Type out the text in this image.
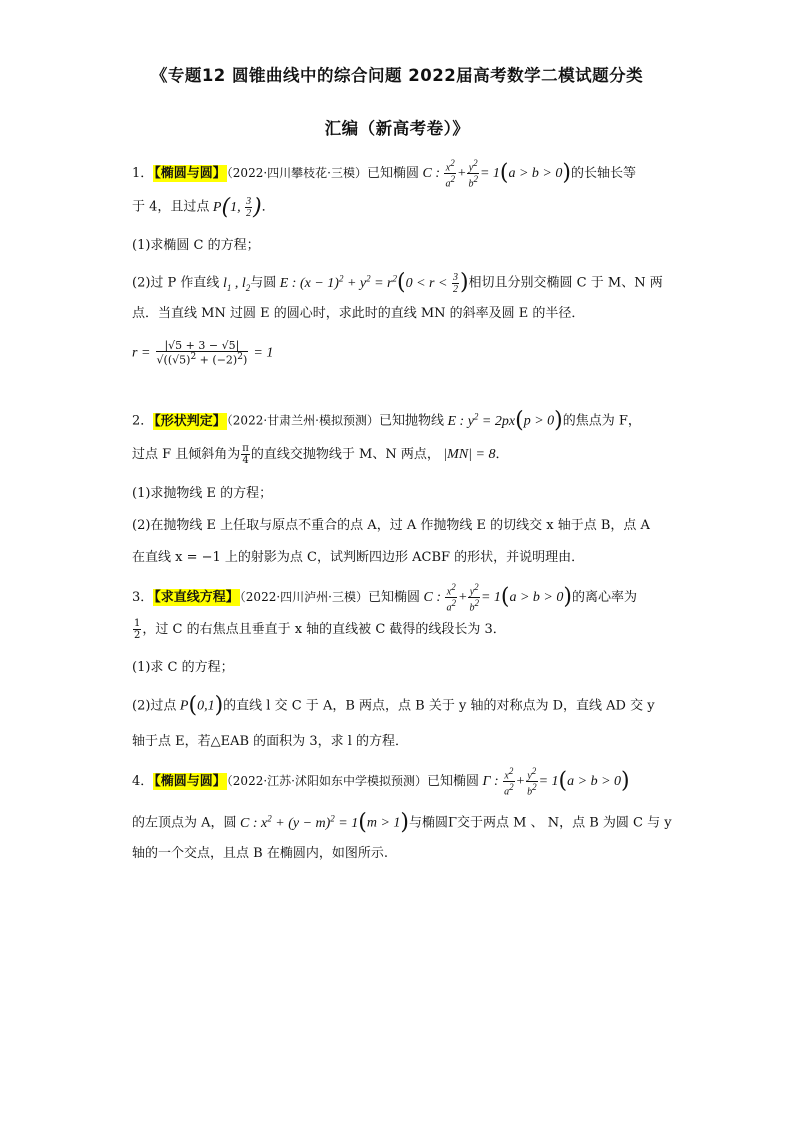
《专题12 圆锥曲线中的综合问题 2022届高考数学二模试题分类
汇编（新高考卷）》
1．【椭圆与圆】（2022·四川攀枝花·三模）已知椭圆 C : $\frac{x^2}{a^2} + \frac{y^2}{b^2} = 1(a > b > 0)$的长轴长等
于 4，且过点 P(1, $\frac{3}{2}$ )．
(1)求椭圆 C 的方程；
(2)过 P 作直线 $l_1$ , $l_2$与圆 E : $(x - 1)^2 + y^2 = r^2(0 < r < \frac{3}{2}$ )相切且分别交椭圆 C 于 M、N 两
点．当直线 MN 过圆 E 的圆心时，求此时的直线 MN 的斜率及圆 E 的半径．
$r = \frac{|√5 + 3 - √5|}{√((√5)^2 + (-2)^2)} = 1$
2．【形状判定】（2022·甘肃兰州·模拟预测）已知抛物线 E : $y^2 = 2px(p > 0)$的焦点为 F，
过点 F 且倾斜角为 $\frac{\pi}{4}$ 的直线交抛物线于 M、N 两点， |MN| = 8．
(1)求抛物线 E 的方程；
(2)在抛物线 E 上任取与原点不重合的点 A，过 A 作抛物线 E 的切线交 x 轴于点 B，点 A
在直线 x = −1 上的射影为点 C，试判断四边形 ACBF 的形状，并说明理由．
3．【求直线方程】（2022·四川泸州·三模）已知椭圆 C : $\frac{x^2}{a^2} + \frac{y^2}{b^2} = 1(a > b > 0)$的离心率为
$\frac{1}{2}$ ，过 C 的右焦点且垂直于 x 轴的直线被 C 截得的线段长为 3．
(1)求 C 的方程；
(2)过点 P(0,1)的直线 l 交 C 于 A，B 两点，点 B 关于 y 轴的对称点为 D，直线 AD 交 y
轴于点 E，若△EAB 的面积为 3，求 l 的方程．
4．【椭圆与圆】（2022·江苏·沭阳如东中学模拟预测）已知椭圆 Γ : $\frac{x^2}{a^2} + \frac{y^2}{b^2} = 1(a > b > 0)$
的左顶点为 A，圆 C : $x^2 + (y - m)^2 = 1(m > 1)$与椭圆Γ交于两点 M 、 N，点 B 为圆 C 与 y
轴的一个交点，且点 B 在椭圆内，如图所示.
